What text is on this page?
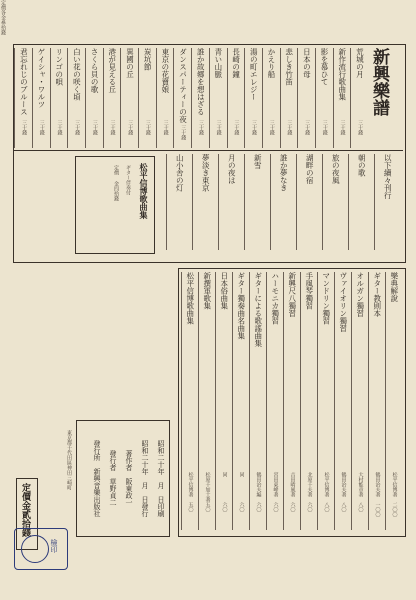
新興樂譜
定價各金參拾錢
荒城の月
三十錢
新作流行歌曲集
三十錢
影を慕ひて
三十錢
日本の母
三十錢
悲しき竹笛
三十錢
かえり船
三十錢
湯の町エレジー
三十錢
長崎の鐘
三十錢
青い山脈
三十錢
誰か故郷を想はざる
三十錢
ダンスパーティーの夜
三十錢
東京の花賣娘
三十錢
炭坑節
三十錢
異國の丘
三十錢
港が見える丘
三十錢
さくら貝の歌
三十錢
白い花の咲く頃
三十錢
リンゴの唄
三十錢
ゲイシャ・ワルツ
三十錢
君忘れじのブルース
三十錢
松平信博歌曲集
ギター伴奏付
定價 金四拾錢	以下續々刊行
朝の歌
旅の夜風
湖畔の宿
誰か夢なき
新雪
月の夜は
夢淡き東京
山小舎の灯
樂典解說
松平信博著
二〇〇
ギター教則本
鶴田治夫著
一〇〇
オルガン獨習
大村能章著
八〇
ヴァイオリン獨習
鶴田治夫著
八〇
マンドリン獨習
松平信博著
八〇
手風琴獨習
北原千夫著
六〇
新興尺八獨習
吉田晴風著
六〇
ハーモニカ獨習
宮田東峰著
六〇
ギターによる歌謠曲集
鶴田治夫編
六〇
ギター獨奏曲名曲集
同
六〇
日本俗曲集
同
六〇
新撰軍歌集
松原千加士著
五〇
松平信博歌曲集
松平信博著
五〇
昭和二十年　月　日印刷
昭和二十年　月　日發行
著作者　阪東政一
發行者　草野貞二
發行所　新興音樂出版社
東京都千代田區神田三崎町
定價金貳拾錢
檢印
